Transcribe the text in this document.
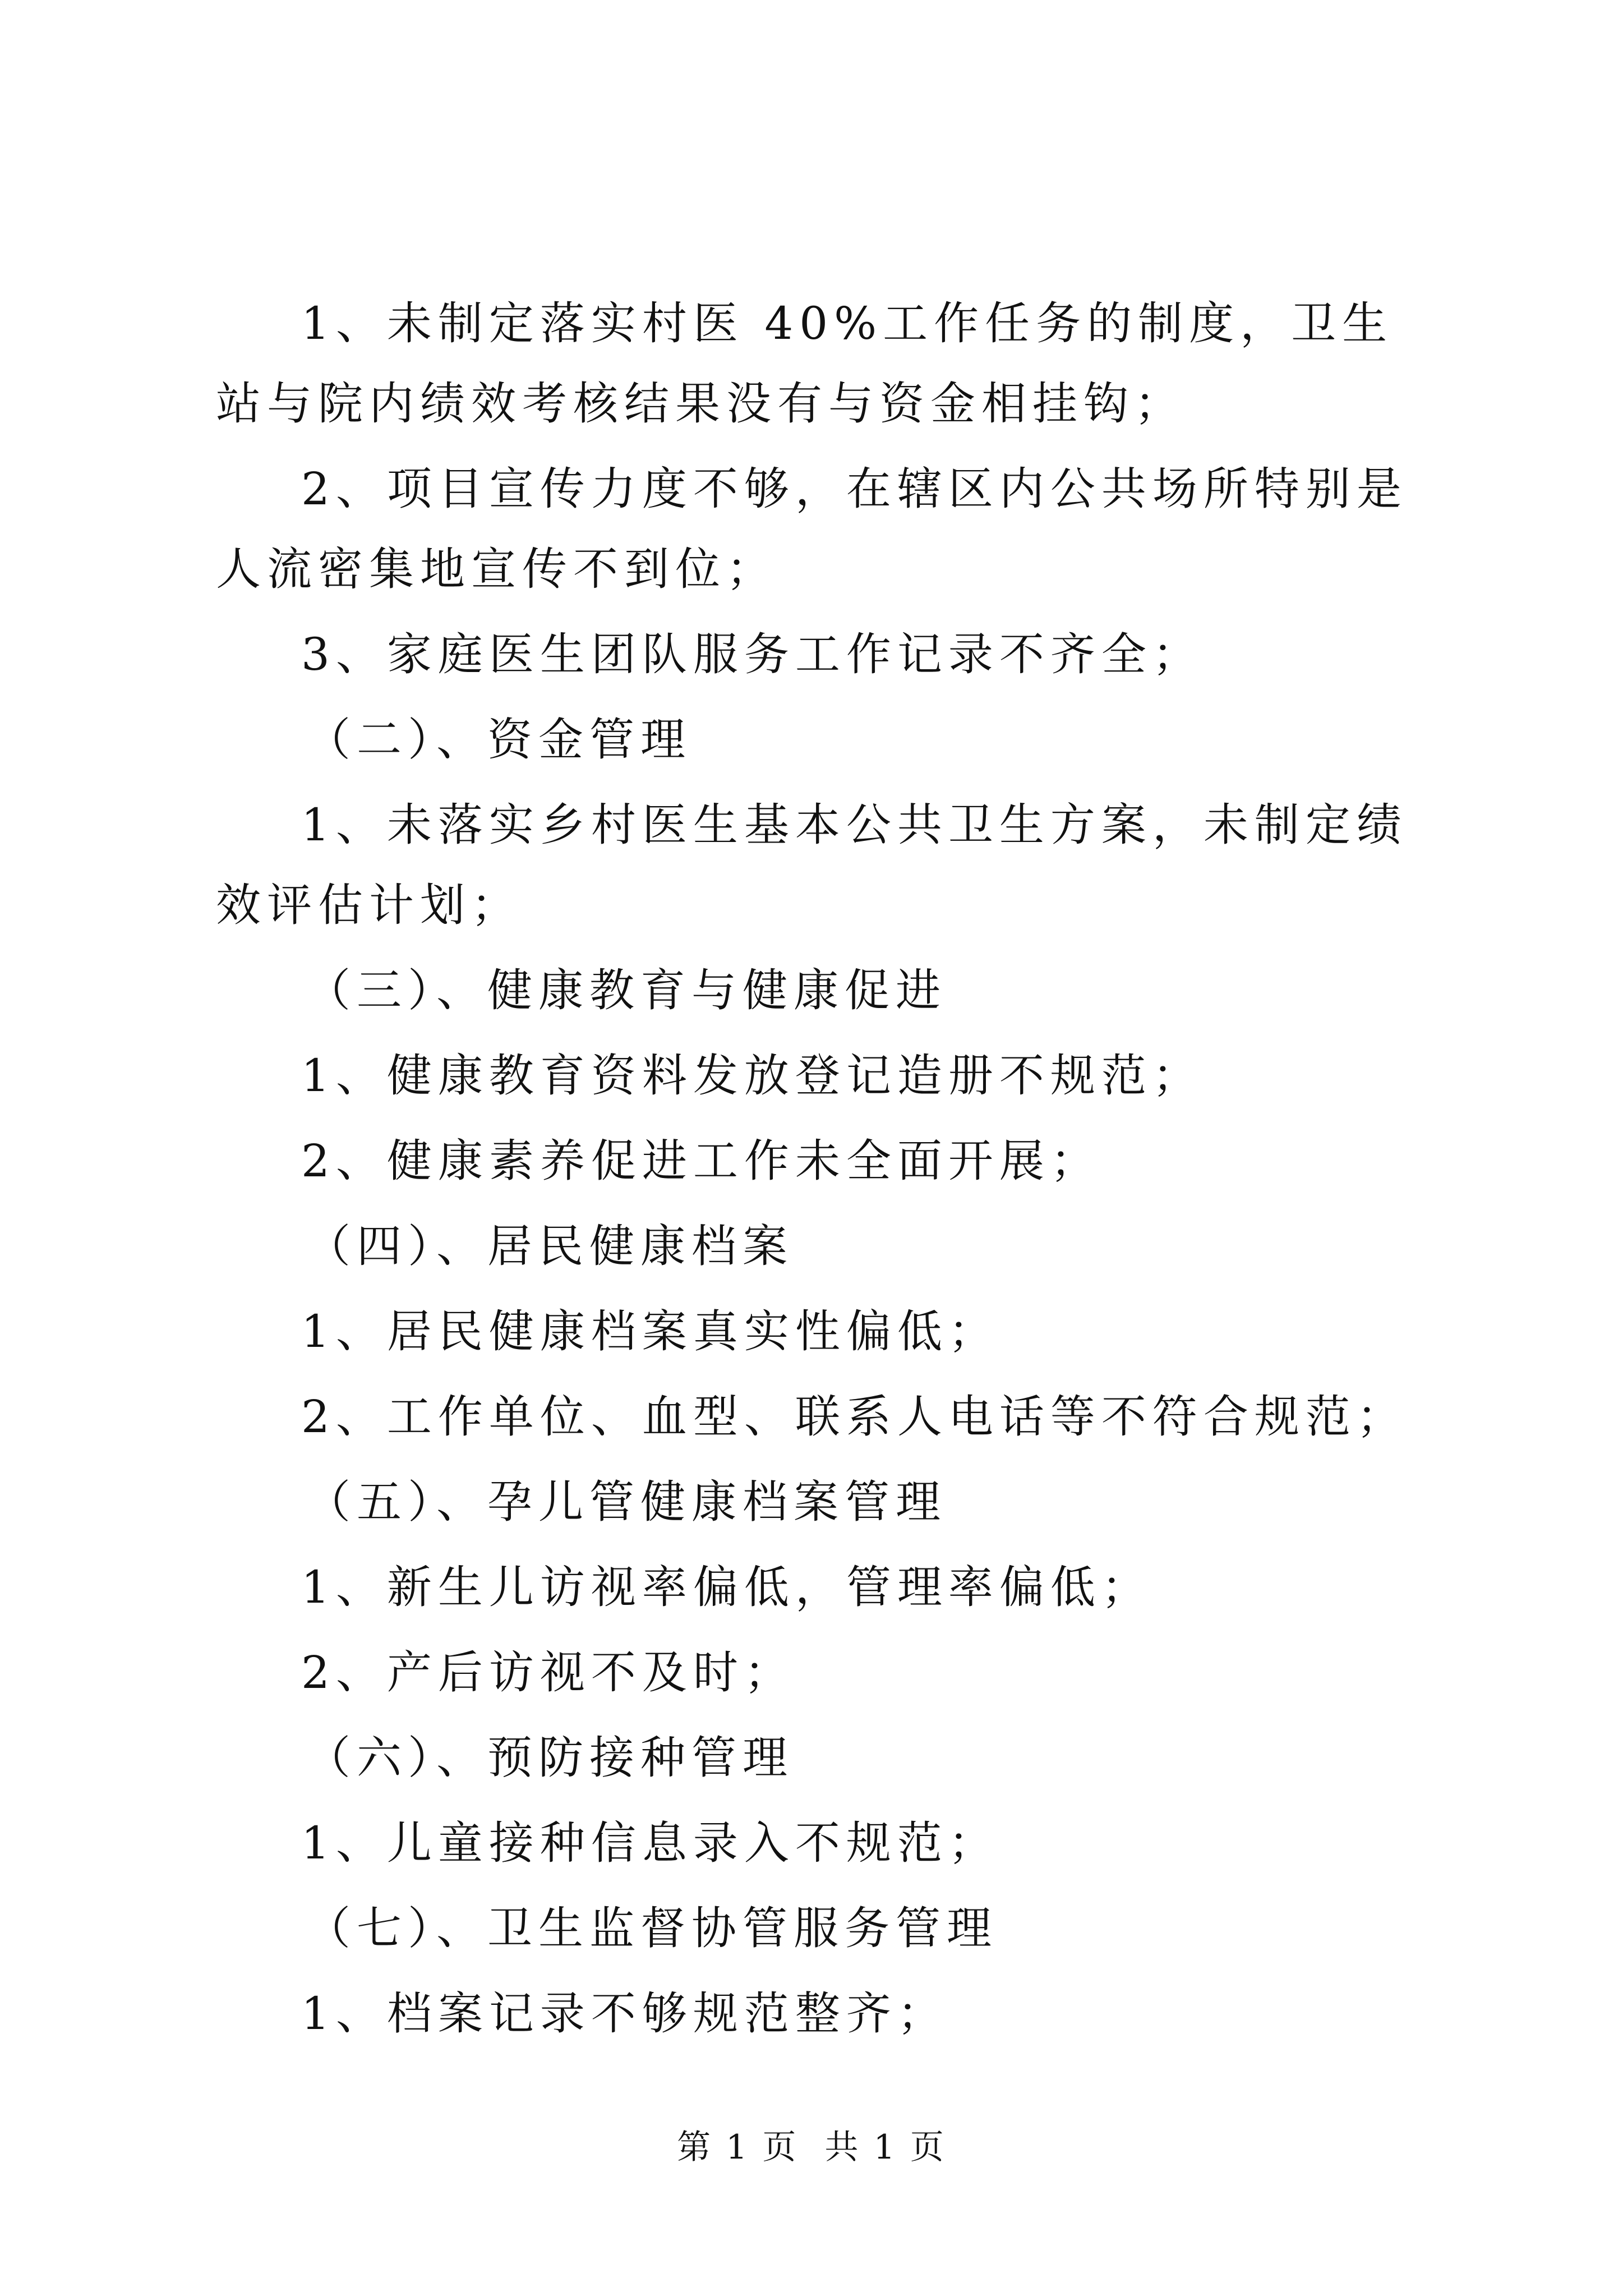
1、未制定落实村医 40%工作任务的制度，卫生站与院内绩效考核结果没有与资金相挂钩；

2、项目宣传力度不够，在辖区内公共场所特别是人流密集地宣传不到位；

3、家庭医生团队服务工作记录不齐全；

（二）、资金管理

1、未落实乡村医生基本公共卫生方案，未制定绩效评估计划；

（三）、健康教育与健康促进

1、健康教育资料发放登记造册不规范；

2、健康素养促进工作未全面开展；

（四）、居民健康档案

1、居民健康档案真实性偏低；

2、工作单位、血型、联系人电话等不符合规范；

（五）、孕儿管健康档案管理

1、新生儿访视率偏低，管理率偏低；

2、产后访视不及时；

（六）、预防接种管理

1、儿童接种信息录入不规范；

（七）、卫生监督协管服务管理

1、档案记录不够规范整齐；

第 1 页 共 1 页
